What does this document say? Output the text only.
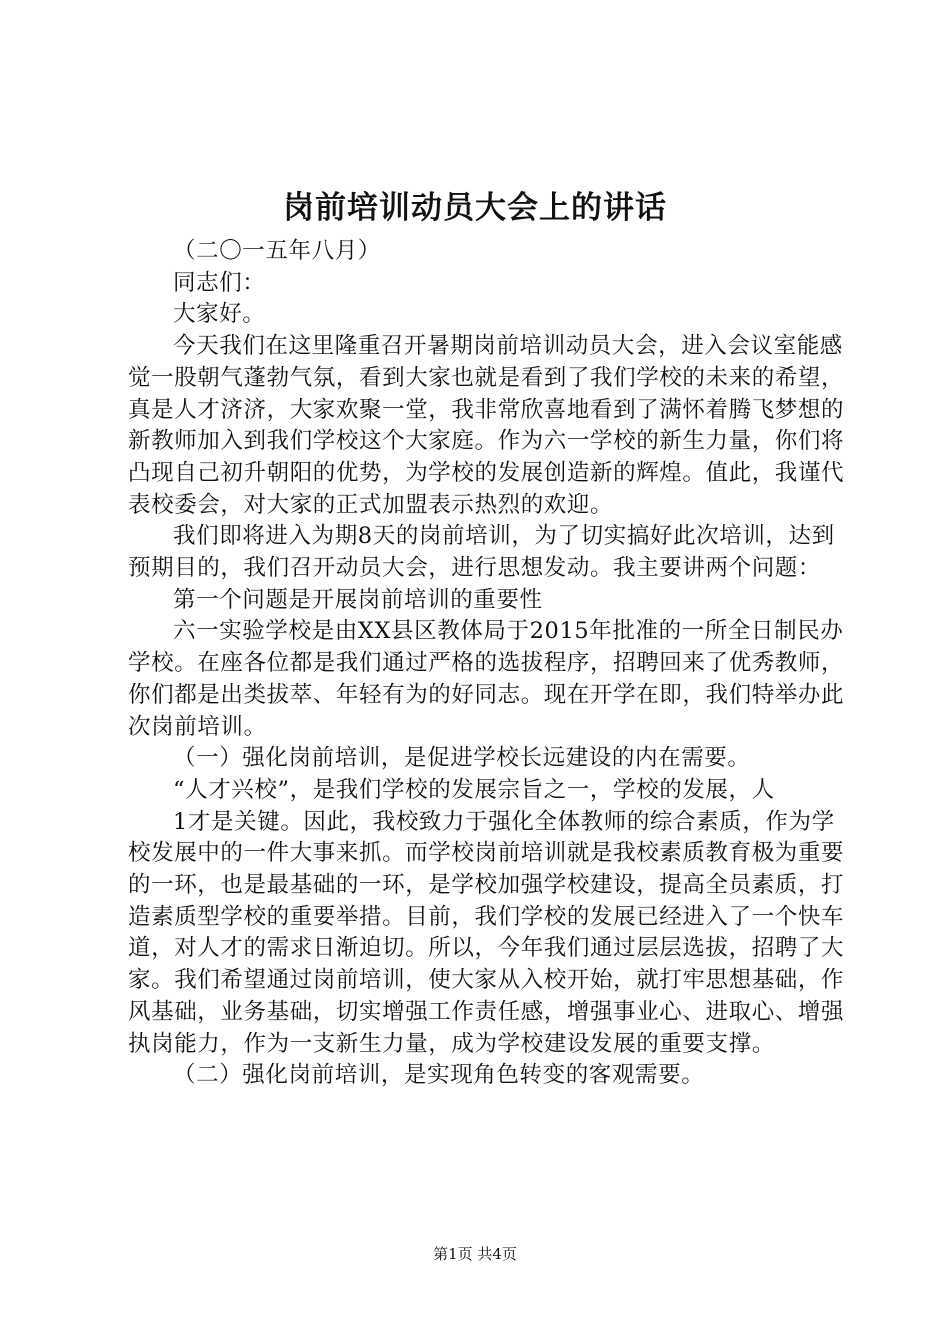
岗前培训动员大会上的讲话

（二〇一五年八月）

同志们：

大家好。

今天我们在这里隆重召开暑期岗前培训动员大会，进入会议室能感觉一股朝气蓬勃气氛，看到大家也就是看到了我们学校的未来的希望，真是人才济济，大家欢聚一堂，我非常欣喜地看到了满怀着腾飞梦想的新教师加入到我们学校这个大家庭。作为六一学校的新生力量，你们将凸现自己初升朝阳的优势，为学校的发展创造新的辉煌。值此，我谨代表校委会，对大家的正式加盟表示热烈的欢迎。

我们即将进入为期8天的岗前培训，为了切实搞好此次培训，达到预期目的，我们召开动员大会，进行思想发动。我主要讲两个问题：

第一个问题是开展岗前培训的重要性

六一实验学校是由XX县区教体局于2015年批准的一所全日制民办学校。在座各位都是我们通过严格的选拔程序，招聘回来了优秀教师，你们都是出类拔萃、年轻有为的好同志。现在开学在即，我们特举办此次岗前培训。

（一）强化岗前培训，是促进学校长远建设的内在需要。

“人才兴校”，是我们学校的发展宗旨之一，学校的发展，人

1才是关键。因此，我校致力于强化全体教师的综合素质，作为学校发展中的一件大事来抓。而学校岗前培训就是我校素质教育极为重要的一环，也是最基础的一环，是学校加强学校建设，提高全员素质，打造素质型学校的重要举措。目前，我们学校的发展已经进入了一个快车道，对人才的需求日渐迫切。所以，今年我们通过层层选拔，招聘了大家。我们希望通过岗前培训，使大家从入校开始，就打牢思想基础，作风基础，业务基础，切实增强工作责任感，增强事业心、进取心、增强执岗能力，作为一支新生力量，成为学校建设发展的重要支撑。

（二）强化岗前培训，是实现角色转变的客观需要。

第1页 共4页
